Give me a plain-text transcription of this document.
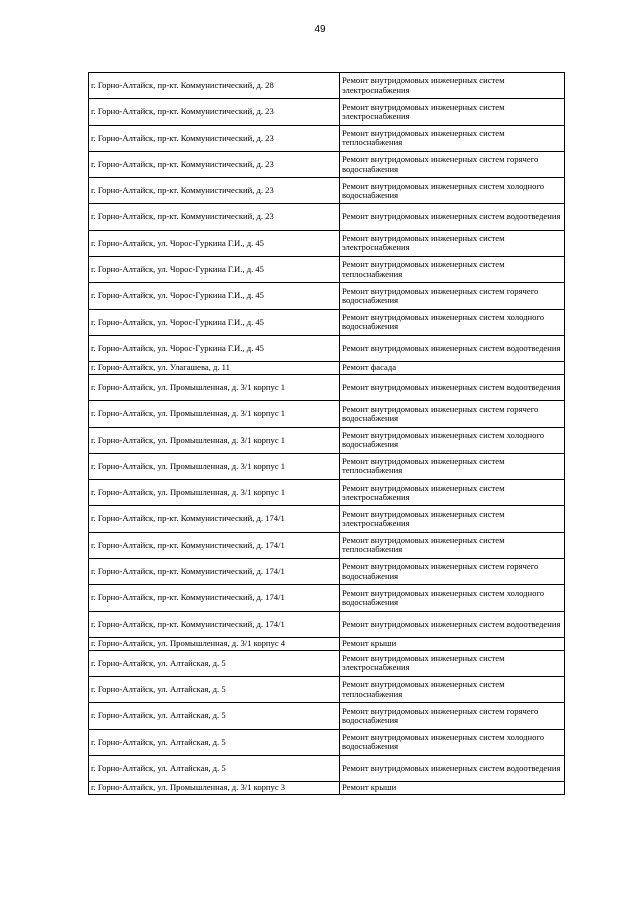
49
г. Горно-Алтайск, пр-кт. Коммунистический, д. 28	Ремонт внутридомовых инженерных систем электроснабжения
г. Горно-Алтайск, пр-кт. Коммунистический, д. 23	Ремонт внутридомовых инженерных систем электроснабжения
г. Горно-Алтайск, пр-кт. Коммунистический, д. 23	Ремонт внутридомовых инженерных систем теплоснабжения
г. Горно-Алтайск, пр-кт. Коммунистический, д. 23	Ремонт внутридомовых инженерных систем горячего водоснабжения
г. Горно-Алтайск, пр-кт. Коммунистический, д. 23	Ремонт внутридомовых инженерных систем холодного водоснабжения
г. Горно-Алтайск, пр-кт. Коммунистический, д. 23	Ремонт внутридомовых инженерных систем водоотведения
г. Горно-Алтайск, ул. Чорос-Гуркина Г.И., д. 45	Ремонт внутридомовых инженерных систем электроснабжения
г. Горно-Алтайск, ул. Чорос-Гуркина Г.И., д. 45	Ремонт внутридомовых инженерных систем теплоснабжения
г. Горно-Алтайск, ул. Чорос-Гуркина Г.И., д. 45	Ремонт внутридомовых инженерных систем горячего водоснабжения
г. Горно-Алтайск, ул. Чорос-Гуркина Г.И., д. 45	Ремонт внутридомовых инженерных систем холодного водоснабжения
г. Горно-Алтайск, ул. Чорос-Гуркина Г.И., д. 45	Ремонт внутридомовых инженерных систем водоотведения
г. Горно-Алтайск, ул. Улагашева, д. 11	Ремонт фасада
г. Горно-Алтайск, ул. Промышленная, д. 3/1 корпус 1	Ремонт внутридомовых инженерных систем водоотведения
г. Горно-Алтайск, ул. Промышленная, д. 3/1 корпус 1	Ремонт внутридомовых инженерных систем горячего водоснабжения
г. Горно-Алтайск, ул. Промышленная, д. 3/1 корпус 1	Ремонт внутридомовых инженерных систем холодного водоснабжения
г. Горно-Алтайск, ул. Промышленная, д. 3/1 корпус 1	Ремонт внутридомовых инженерных систем теплоснабжения
г. Горно-Алтайск, ул. Промышленная, д. 3/1 корпус 1	Ремонт внутридомовых инженерных систем электроснабжения
г. Горно-Алтайск, пр-кт. Коммунистический, д. 174/1	Ремонт внутридомовых инженерных систем электроснабжения
г. Горно-Алтайск, пр-кт. Коммунистический, д. 174/1	Ремонт внутридомовых инженерных систем теплоснабжения
г. Горно-Алтайск, пр-кт. Коммунистический, д. 174/1	Ремонт внутридомовых инженерных систем горячего водоснабжения
г. Горно-Алтайск, пр-кт. Коммунистический, д. 174/1	Ремонт внутридомовых инженерных систем холодного водоснабжения
г. Горно-Алтайск, пр-кт. Коммунистический, д. 174/1	Ремонт внутридомовых инженерных систем водоотведения
г. Горно-Алтайск, ул. Промышленная, д. 3/1 корпус 4	Ремонт крыши
г. Горно-Алтайск, ул. Алтайская, д. 5	Ремонт внутридомовых инженерных систем электроснабжения
г. Горно-Алтайск, ул. Алтайская, д. 5	Ремонт внутридомовых инженерных систем теплоснабжения
г. Горно-Алтайск, ул. Алтайская, д. 5	Ремонт внутридомовых инженерных систем горячего водоснабжения
г. Горно-Алтайск, ул. Алтайская, д. 5	Ремонт внутридомовых инженерных систем холодного водоснабжения
г. Горно-Алтайск, ул. Алтайская, д. 5	Ремонт внутридомовых инженерных систем водоотведения
г. Горно-Алтайск, ул. Промышленная, д. 3/1 корпус 3	Ремонт крыши
